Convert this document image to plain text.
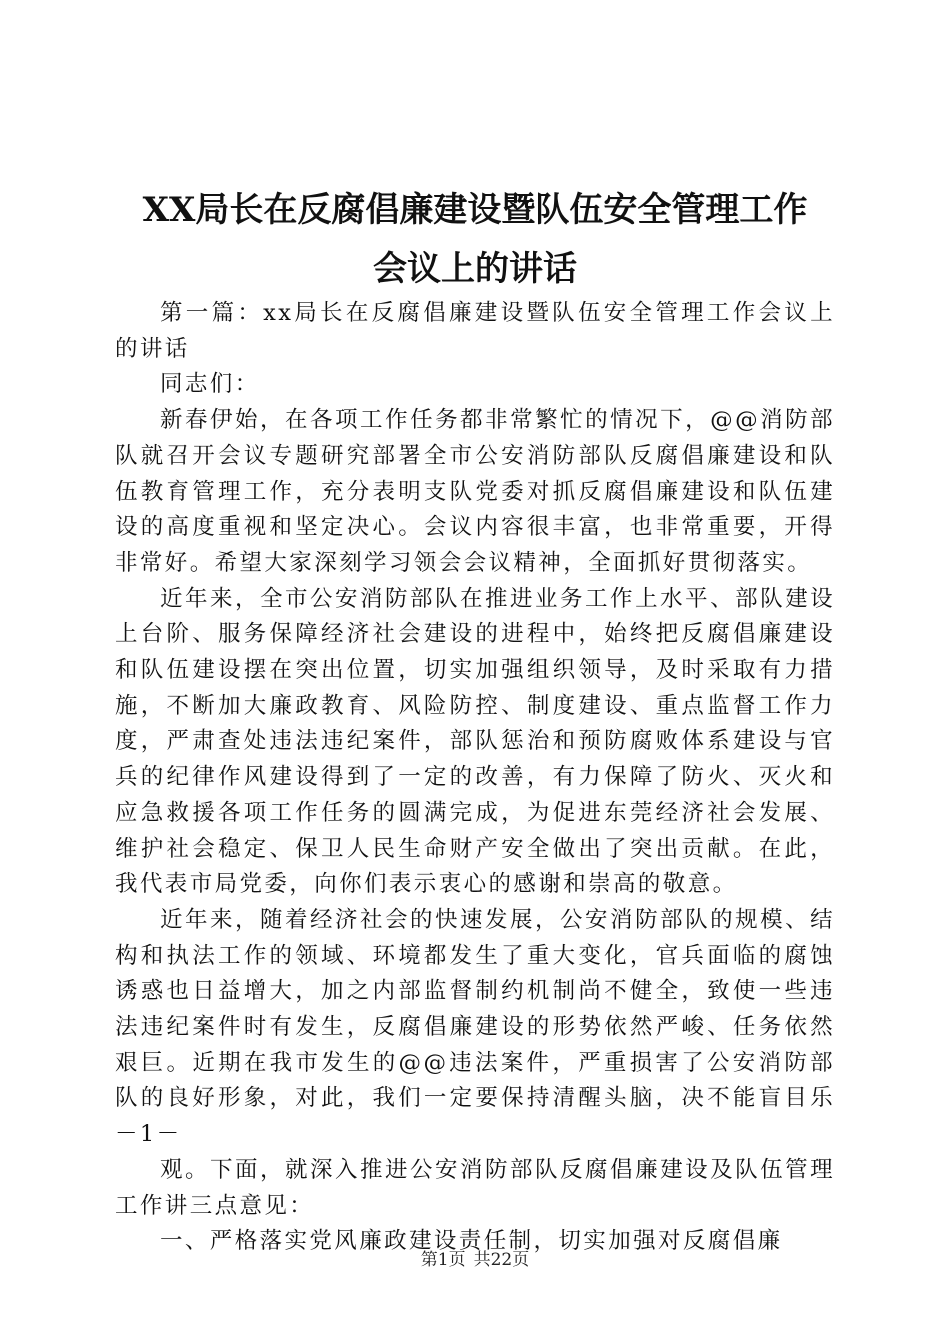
XX局长在反腐倡廉建设暨队伍安全管理工作
会议上的讲话

第一篇：xx局长在反腐倡廉建设暨队伍安全管理工作会议上的讲话

同志们：

新春伊始，在各项工作任务都非常繁忙的情况下，@@消防部队就召开会议专题研究部署全市公安消防部队反腐倡廉建设和队伍教育管理工作，充分表明支队党委对抓反腐倡廉建设和队伍建设的高度重视和坚定决心。会议内容很丰富，也非常重要，开得非常好。希望大家深刻学习领会会议精神，全面抓好贯彻落实。

近年来，全市公安消防部队在推进业务工作上水平、部队建设上台阶、服务保障经济社会建设的进程中，始终把反腐倡廉建设和队伍建设摆在突出位置，切实加强组织领导，及时采取有力措施，不断加大廉政教育、风险防控、制度建设、重点监督工作力度，严肃查处违法违纪案件，部队惩治和预防腐败体系建设与官兵的纪律作风建设得到了一定的改善，有力保障了防火、灭火和应急救援各项工作任务的圆满完成，为促进东莞经济社会发展、维护社会稳定、保卫人民生命财产安全做出了突出贡献。在此，我代表市局党委，向你们表示衷心的感谢和崇高的敬意。

近年来，随着经济社会的快速发展，公安消防部队的规模、结构和执法工作的领域、环境都发生了重大变化，官兵面临的腐蚀诱惑也日益增大，加之内部监督制约机制尚不健全，致使一些违法违纪案件时有发生，反腐倡廉建设的形势依然严峻、任务依然艰巨。近期在我市发生的@@违法案件，严重损害了公安消防部队的良好形象，对此，我们一定要保持清醒头脑，决不能盲目乐－1－

观。下面，就深入推进公安消防部队反腐倡廉建设及队伍管理工作讲三点意见：

一、严格落实党风廉政建设责任制，切实加强对反腐倡廉

第1页 共22页
